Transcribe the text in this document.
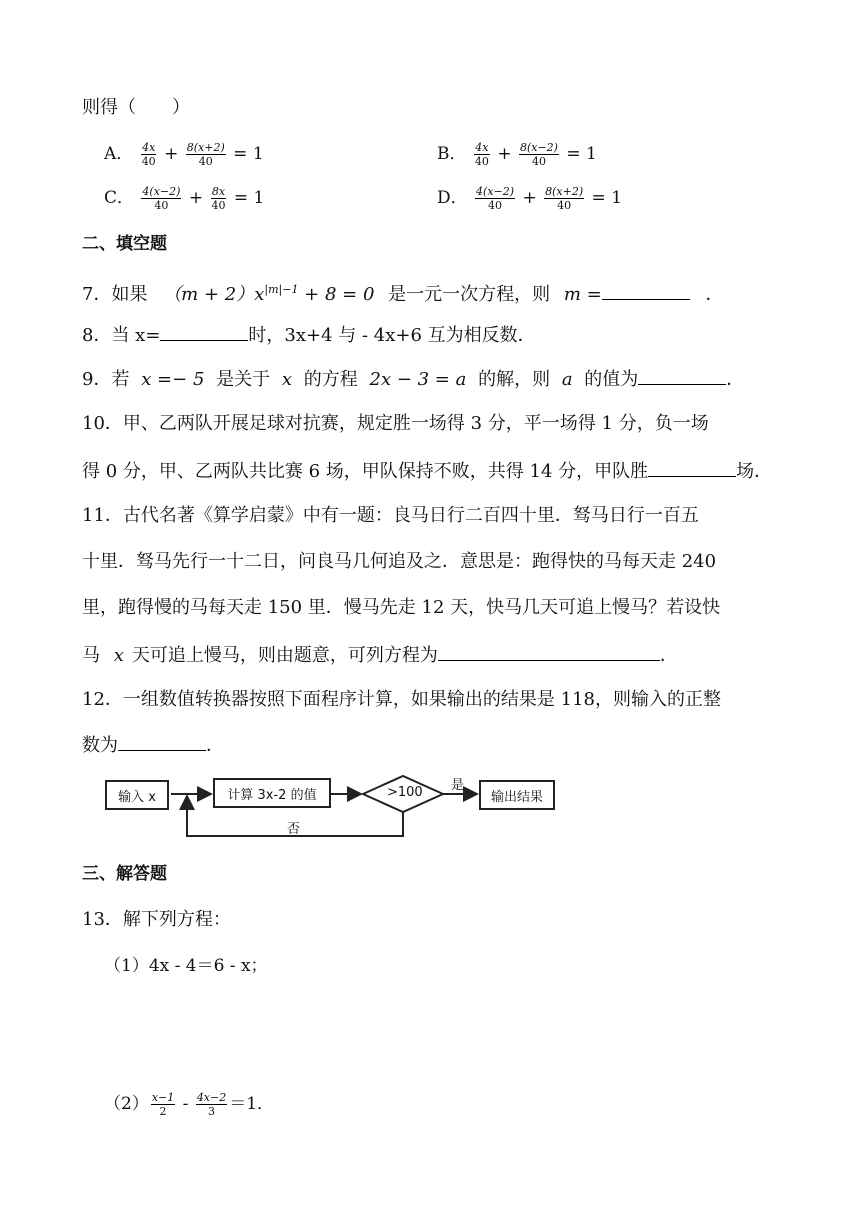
则得（　　）
A． $\frac{4x}{40} + \frac{8(x+2)}{40} = 1$	B． $\frac{4x}{40} + \frac{8(x-2)}{40} = 1$
C． $\frac{4(x-2)}{40} + \frac{8x}{40} = 1$	D． $\frac{4(x-2)}{40} + \frac{8(x+2)}{40} = 1$
二、填空题
7．如果 $(m + 2)x^{|m|-1} + 8 = 0$ 是一元一次方程，则 m =	．
8．当 x=	时，3x+4 与 - 4x+6 互为相反数．
9．若 x =− 5 是关于 x 的方程 2x − 3 = a 的解，则 a 的值为	．
10．甲、乙两队开展足球对抗赛，规定胜一场得 3 分，平一场得 1 分，负一场
得 0 分，甲、乙两队共比赛 6 场，甲队保持不败，共得 14 分，甲队胜	场．
11．古代名著《算学启蒙》中有一题：良马日行二百四十里．驽马日行一百五
十里．驽马先行一十二日，问良马几何追及之．意思是：跑得快的马每天走 240
里，跑得慢的马每天走 150 里．慢马先走 12 天，快马几天可追上慢马？若设快
马 x 天可追上慢马，则由题意，可列方程为	．
12．一组数值转换器按照下面程序计算，如果输出的结果是 118，则输入的正整
数为	．
输入 x	计算 3x-2 的值	>100 是
输出结果
否
三、解答题
13．解下列方程：
（1）4x - 4＝6 - x；
$(2) \frac{x-1}{2} - \frac{4x-2}{3} =1$．
